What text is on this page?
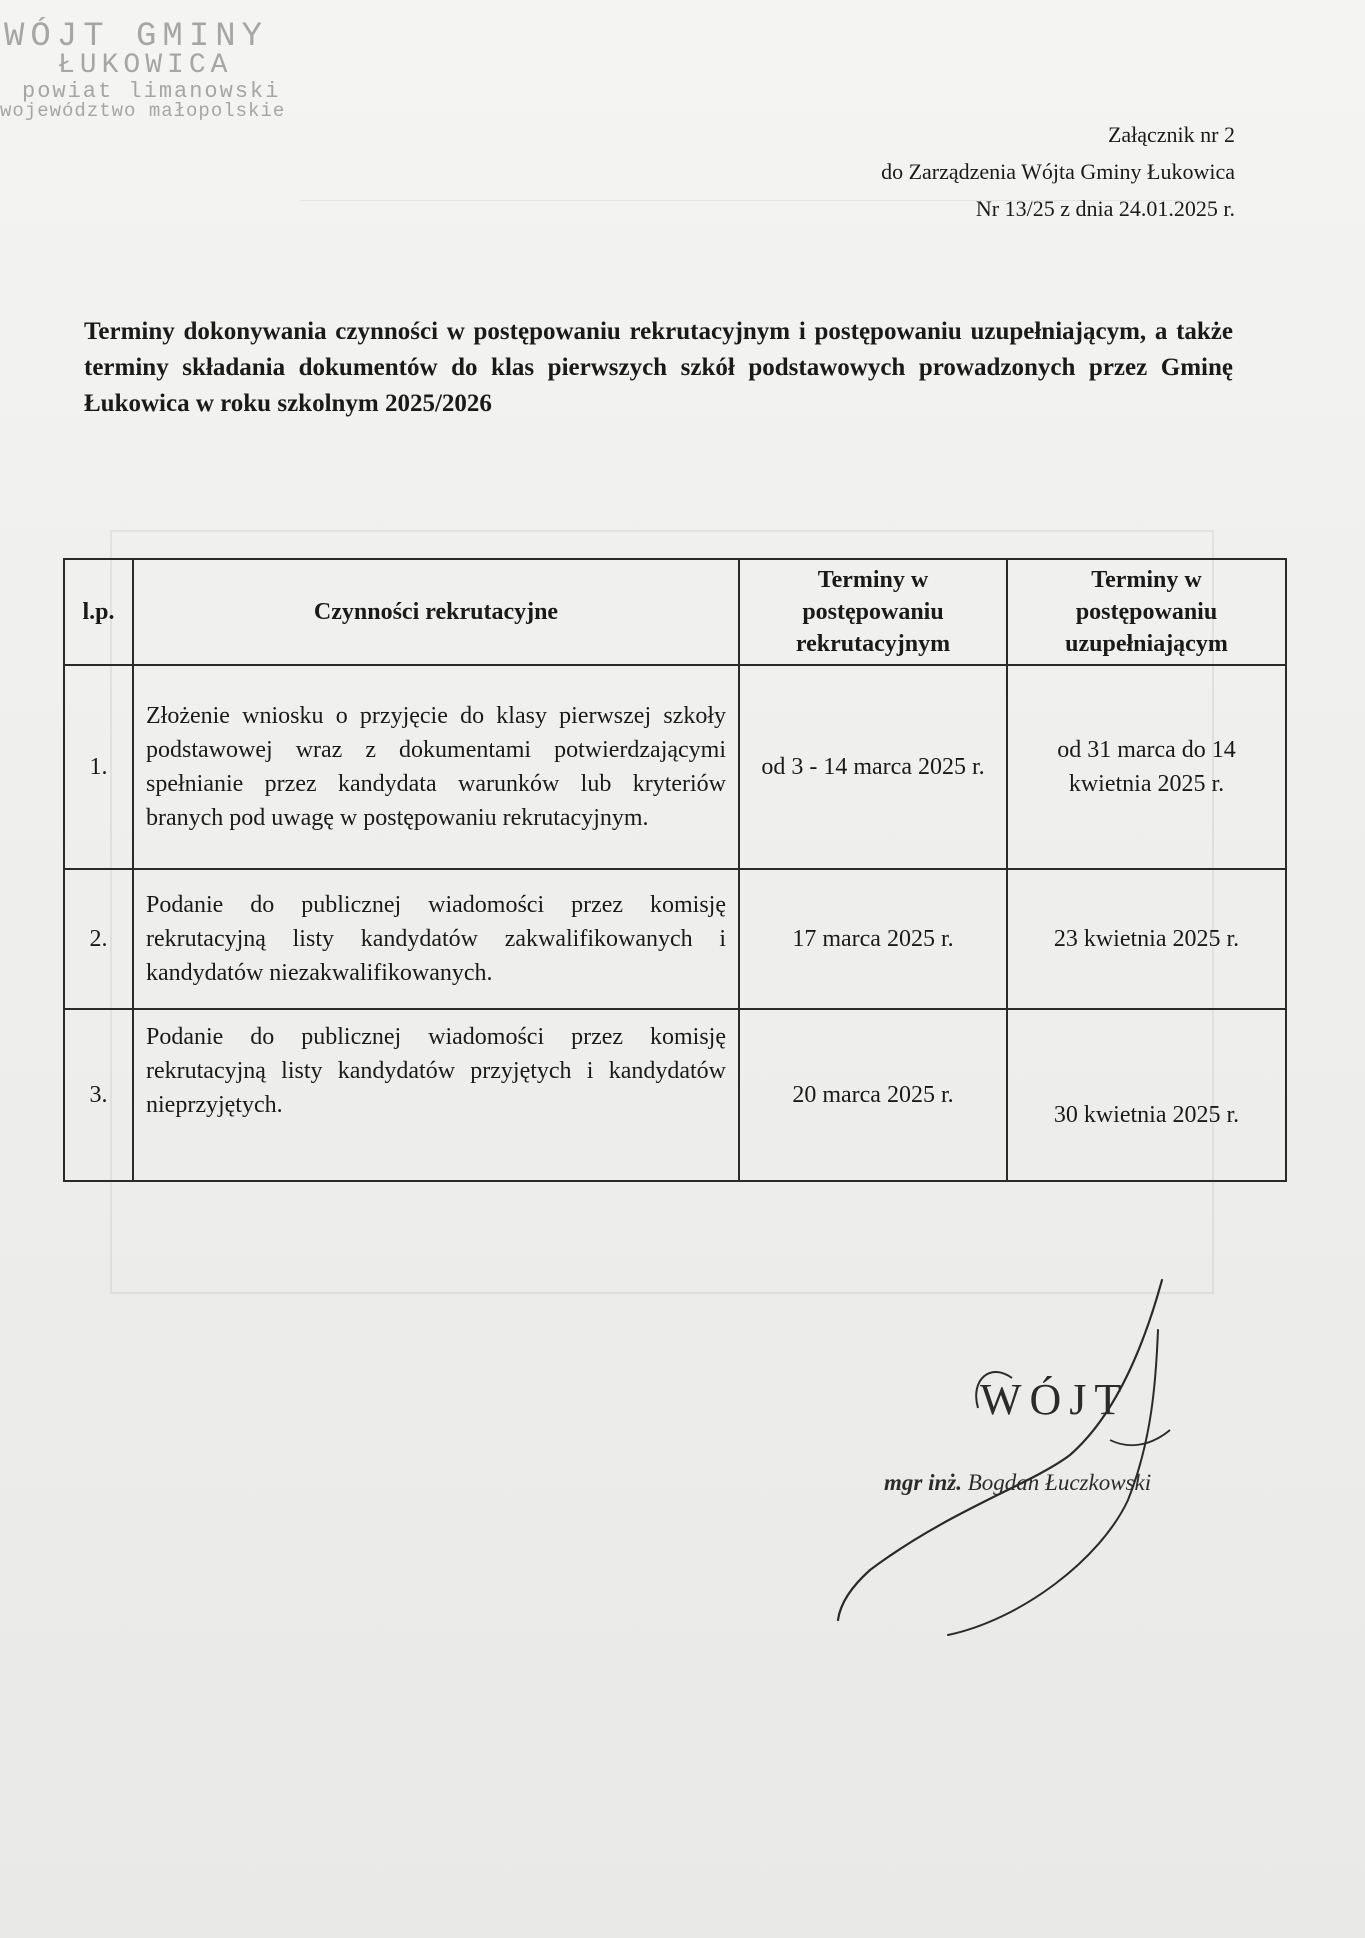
WÓJT GMINY
ŁUKOWICA
powiat limanowski
województwo małopolskie
Załącznik nr 2
do Zarządzenia Wójta Gminy Łukowica
Nr 13/25 z dnia 24.01.2025 r.
Terminy dokonywania czynności w postępowaniu rekrutacyjnym i postępowaniu uzupełniającym, a także terminy składania dokumentów do klas pierwszych szkół podstawowych prowadzonych przez Gminę Łukowica w roku szkolnym 2025/2026
l.p.	Czynności rekrutacyjne	Terminy w postępowaniu rekrutacyjnym	Terminy w postępowaniu uzupełniającym
1.	Złożenie wniosku o przyjęcie do klasy pierwszej szkoły podstawowej wraz z dokumentami potwierdzającymi spełnianie przez kandydata warunków lub kryteriów branych pod uwagę w postępowaniu rekrutacyjnym.	od 3 - 14 marca 2025 r.	od 31 marca do 14 kwietnia 2025 r.
2.	Podanie do publicznej wiadomości przez komisję rekrutacyjną listy kandydatów zakwalifikowanych i kandydatów niezakwalifikowanych.	17 marca 2025 r.	23 kwietnia 2025 r.
3.	Podanie do publicznej wiadomości przez komisję rekrutacyjną listy kandydatów przyjętych i kandydatów nieprzyjętych.	20 marca 2025 r.	30 kwietnia 2025 r.
WÓJT
mgr inż. Bogdan Łuczkowski
